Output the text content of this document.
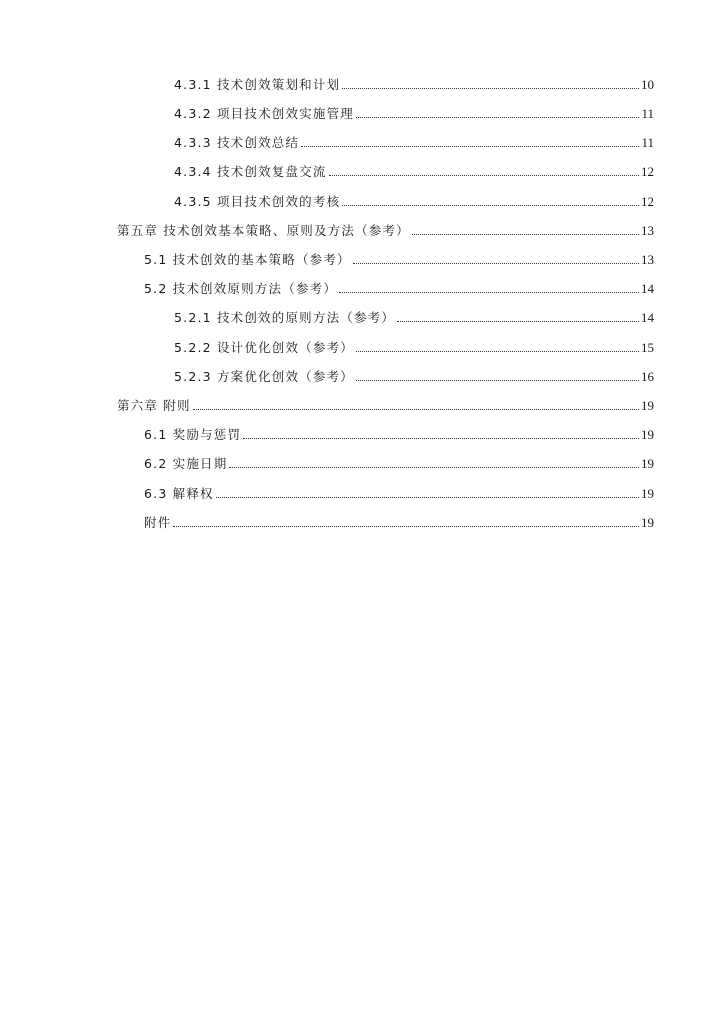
4.3.1 技术创效策划和计划	10
4.3.2 项目技术创效实施管理	11
4.3.3 技术创效总结	11
4.3.4 技术创效复盘交流	12
4.3.5 项目技术创效的考核	12
第五章 技术创效基本策略、原则及方法（参考）	13
5.1 技术创效的基本策略（参考）	13
5.2 技术创效原则方法（参考）	14
5.2.1 技术创效的原则方法（参考）	14
5.2.2 设计优化创效（参考）	15
5.2.3 方案优化创效（参考）	16
第六章 附则	19
6.1 奖励与惩罚	19
6.2 实施日期	19
6.3 解释权	19
附件	19
